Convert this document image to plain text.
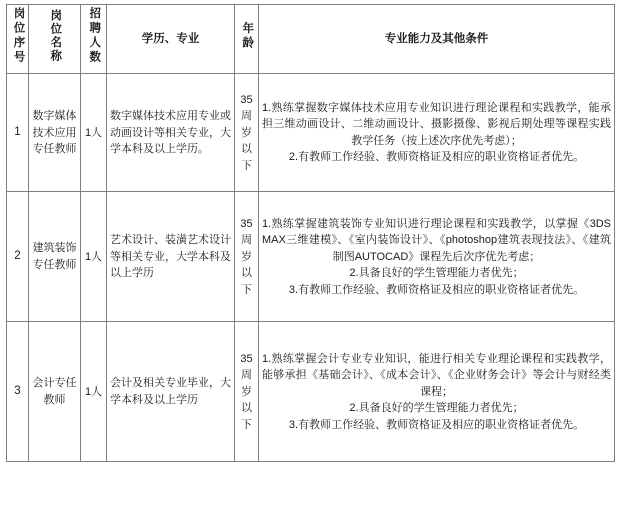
岗位序号	岗位名称	招聘人数	学历、专业	年龄	专业能力及其他条件
1	数字媒体技术应用专任教师	1人	数字媒体技术应用专业或动画设计等相关专业，大学本科及以上学历。	35周岁以下	1.熟练掌握数字媒体技术应用专业知识进行理论课程和实践教学，能承担三维动画设计、二维动画设计、摄影摄像、影视后期处理等课程实践教学任务（按上述次序优先考虑）；

2.有教师工作经验、教师资格证及相应的职业资格证者优先。

2	建筑装饰专任教师	1人	艺术设计、装潢艺术设计等相关专业，大学本科及以上学历	35周岁以下	1.熟练掌握建筑装饰专业知识进行理论课程和实践教学，以掌握《3DS MAX三维建模》、《室内装饰设计》、《photoshop建筑表现技法》、《建筑制图AUTOCAD》课程先后次序优先考虑；

2.具备良好的学生管理能力者优先；

3.有教师工作经验、教师资格证及相应的职业资格证者优先。

3	会计专任教师	1人	会计及相关专业毕业，大学本科及以上学历	35周岁以下	1.熟练掌握会计专业专业知识，能进行相关专业理论课程和实践教学，能够承担《基础会计》、《成本会计》、《企业财务会计》等会计与财经类课程；

2.具备良好的学生管理能力者优先；

3.有教师工作经验、教师资格证及相应的职业资格证者优先。
